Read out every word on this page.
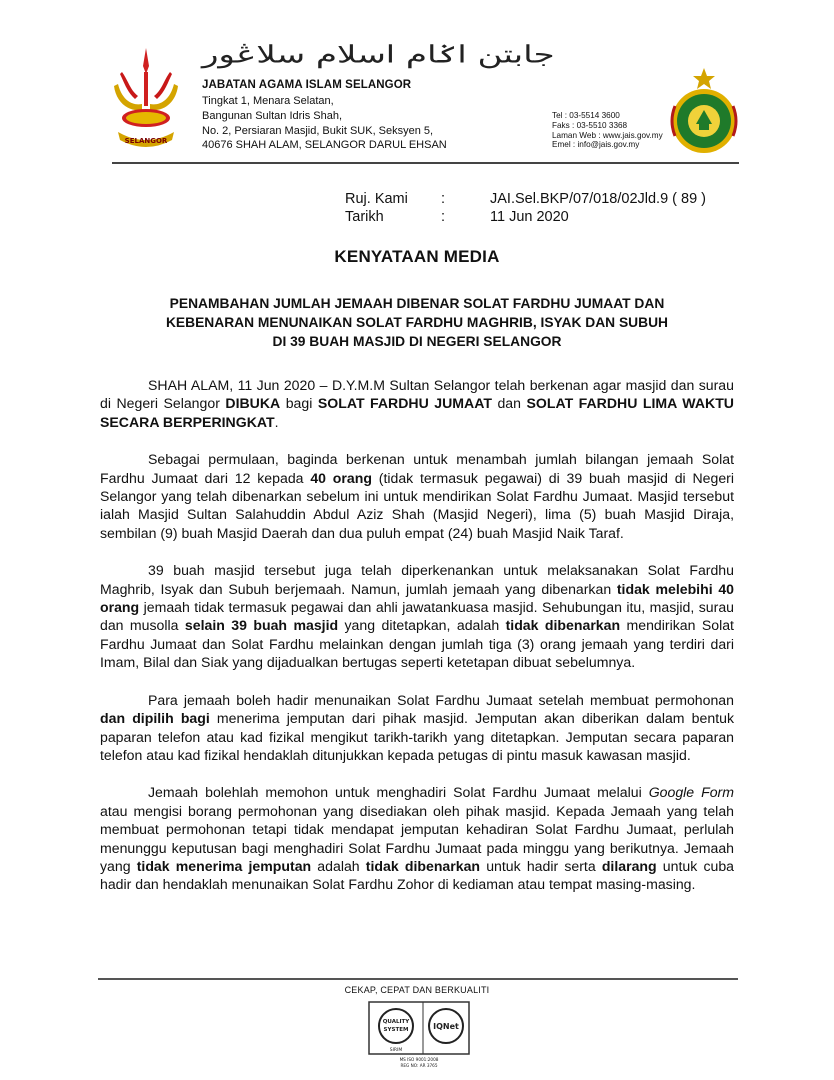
SELANGOR
جابتن اݢام اسلام سلاڠور
JABATAN AGAMA ISLAM SELANGOR
Tingkat 1, Menara Selatan,
Bangunan Sultan Idris Shah,
No. 2, Persiaran Masjid, Bukit SUK, Seksyen 5,
40676 SHAH ALAM, SELANGOR DARUL EHSAN
Tel : 03-5514 3600
Faks : 03-5510 3368
Laman Web : www.jais.gov.my
Emel : info@jais.gov.my
Ruj. Kami
Tarikh
:
:
JAI.Sel.BKP/07/018/02Jld.9 ( 89 )
11 Jun 2020
KENYATAAN MEDIA
PENAMBAHAN JUMLAH JEMAAH DIBENAR SOLAT FARDHU JUMAAT DAN
KEBENARAN MENUNAIKAN SOLAT FARDHU MAGHRIB, ISYAK DAN SUBUH
DI 39 BUAH MASJID DI NEGERI SELANGOR

SHAH ALAM, 11 Jun 2020 – D.Y.M.M Sultan Selangor telah berkenan agar masjid dan surau di Negeri Selangor DIBUKA bagi SOLAT FARDHU JUMAAT dan SOLAT FARDHU LIMA WAKTU SECARA BERPERINGKAT.

Sebagai permulaan, baginda berkenan untuk menambah jumlah bilangan jemaah Solat Fardhu Jumaat dari 12 kepada 40 orang (tidak termasuk pegawai) di 39 buah masjid di Negeri Selangor yang telah dibenarkan sebelum ini untuk mendirikan Solat Fardhu Jumaat. Masjid tersebut ialah Masjid Sultan Salahuddin Abdul Aziz Shah (Masjid Negeri), lima (5) buah Masjid Diraja, sembilan (9) buah Masjid Daerah dan dua puluh empat (24) buah Masjid Naik Taraf.

39 buah masjid tersebut juga telah diperkenankan untuk melaksanakan Solat Fardhu Maghrib, Isyak dan Subuh berjemaah. Namun, jumlah jemaah yang dibenarkan tidak melebihi 40 orang jemaah tidak termasuk pegawai dan ahli jawatankuasa masjid. Sehubungan itu, masjid, surau dan musolla selain 39 buah masjid yang ditetapkan, adalah tidak dibenarkan mendirikan Solat Fardhu Jumaat dan Solat Fardhu melainkan dengan jumlah tiga (3) orang jemaah yang terdiri dari Imam, Bilal dan Siak yang dijadualkan bertugas seperti ketetapan dibuat sebelumnya.

Para jemaah boleh hadir menunaikan Solat Fardhu Jumaat setelah membuat permohonan dan dipilih bagi menerima jemputan dari pihak masjid. Jemputan akan diberikan dalam bentuk paparan telefon atau kad fizikal mengikut tarikh-tarikh yang ditetapkan. Jemputan secara paparan telefon atau kad fizikal hendaklah ditunjukkan kepada petugas di pintu masuk kawasan masjid.

Jemaah bolehlah memohon untuk menghadiri Solat Fardhu Jumaat melalui Google Form atau mengisi borang permohonan yang disediakan oleh pihak masjid. Kepada Jemaah yang telah membuat permohonan tetapi tidak mendapat jemputan kehadiran Solat Fardhu Jumaat, perlulah menunggu keputusan bagi menghadiri Solat Fardhu Jumaat pada minggu yang berikutnya. Jemaah yang tidak menerima jemputan adalah tidak dibenarkan untuk hadir serta dilarang untuk cuba hadir dan hendaklah menunaikan Solat Fardhu Zohor di kediaman atau tempat masing-masing.

CEKAP, CEPAT DAN BERKUALITI
QUALITY
SYSTEM
SIRIM
IQNet
MS ISO 9001:2008
REG NO: AR 3765
